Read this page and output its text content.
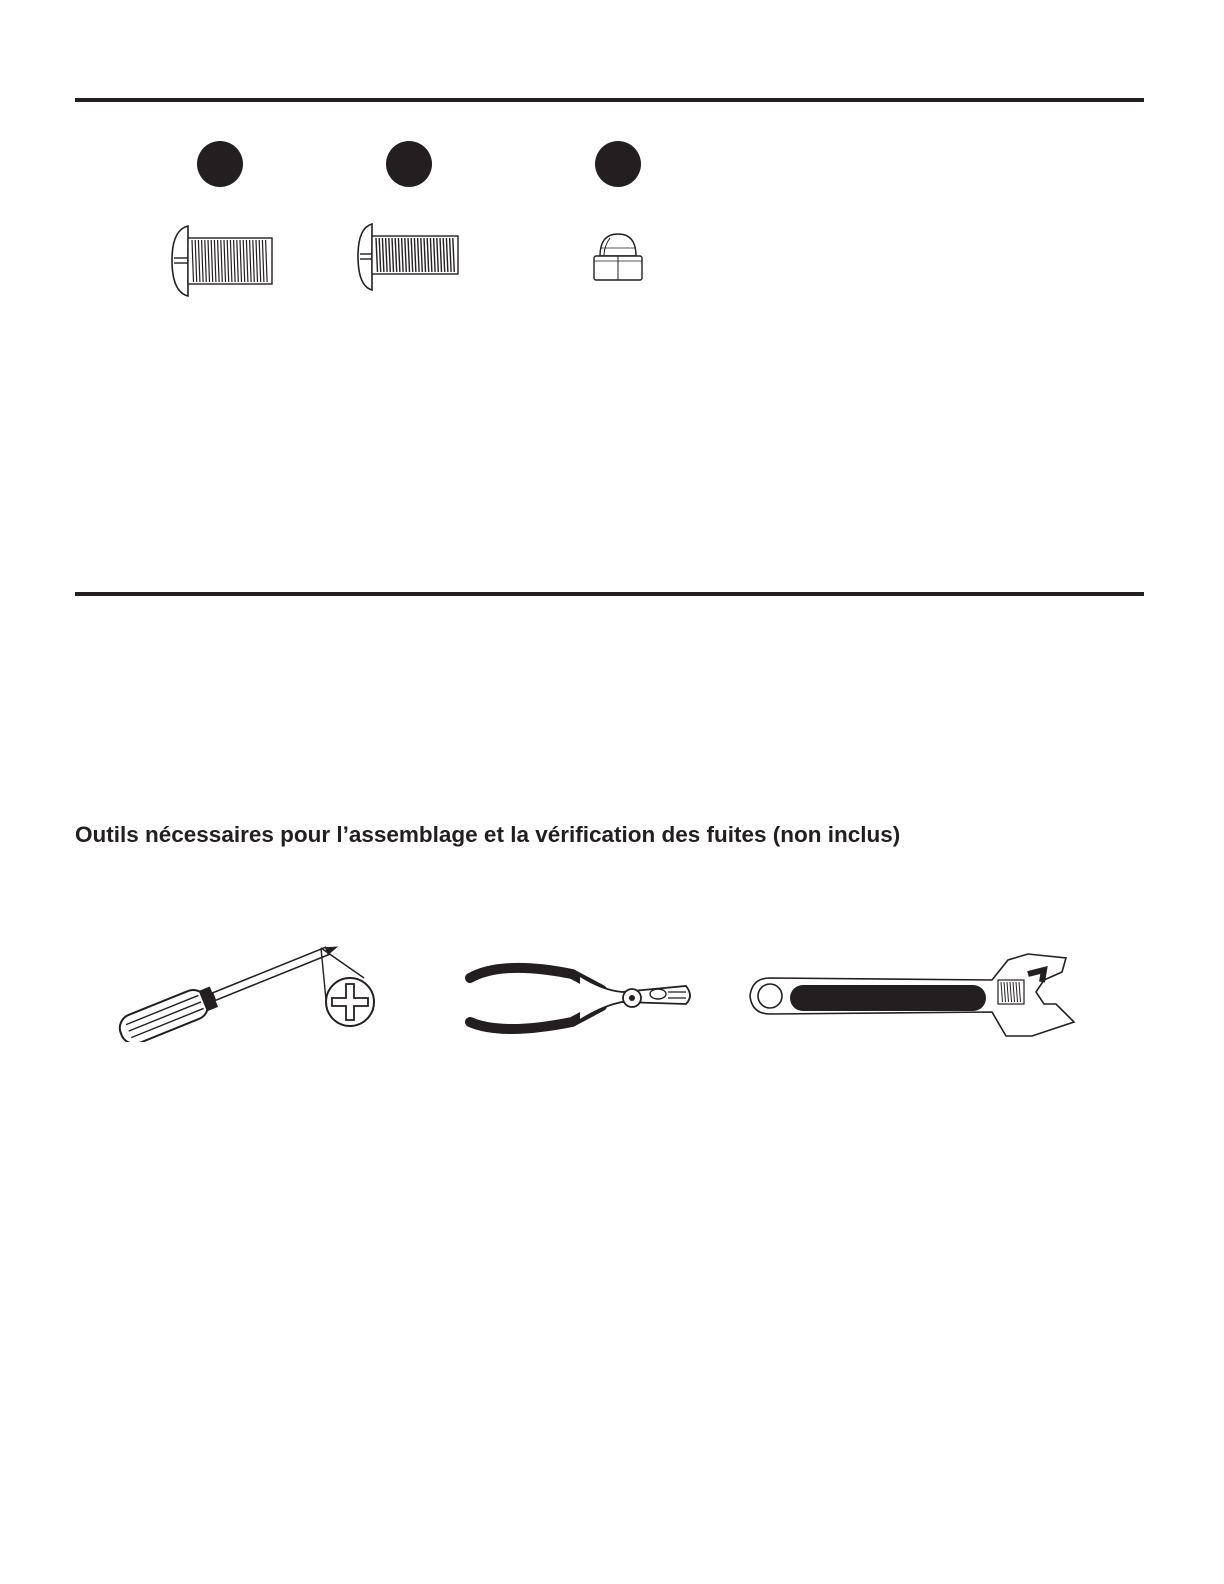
Outils nécessaires pour l’assemblage et la vérification des fuites (non inclus)
